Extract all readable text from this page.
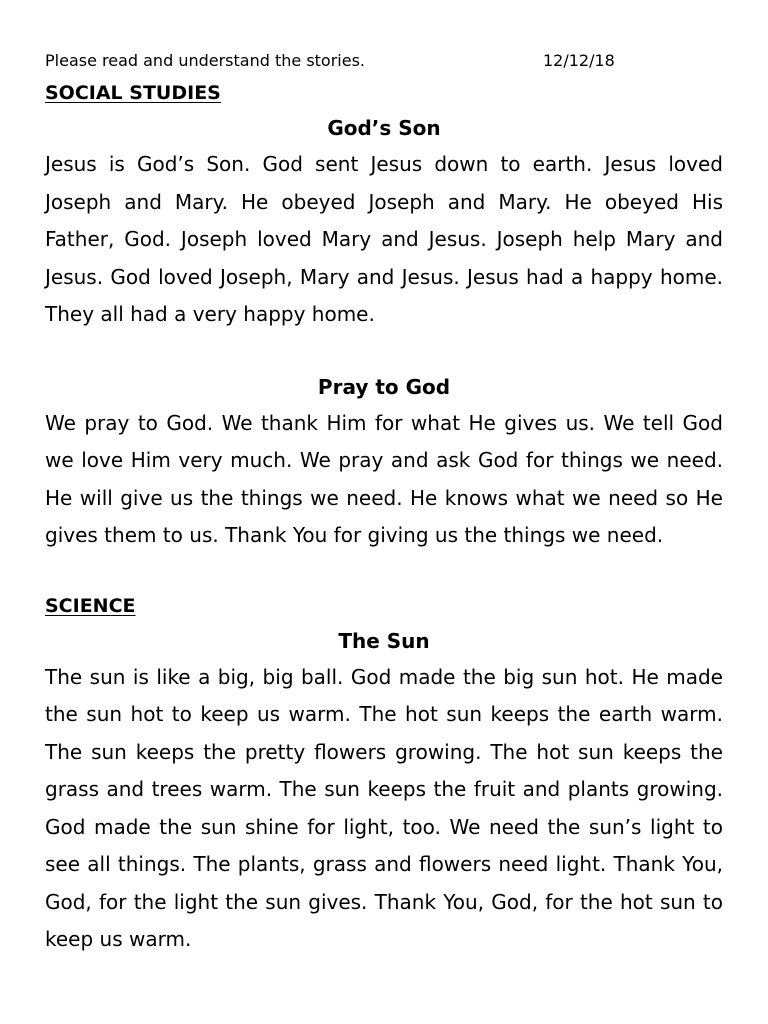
Please read and understand the stories.	12/12/18
SOCIAL STUDIES
God’s Son

Jesus is God’s Son. God sent Jesus down to earth. Jesus loved Joseph and Mary. He obeyed Joseph and Mary. He obeyed His Father, God. Joseph loved Mary and Jesus. Joseph help Mary and Jesus. God loved Joseph, Mary and Jesus. Jesus had a happy home. They all had a very happy home.

Pray to God

We pray to God. We thank Him for what He gives us. We tell God we love Him very much. We pray and ask God for things we need. He will give us the things we need. He knows what we need so He gives them to us. Thank You for giving us the things we need.

SCIENCE
The Sun

The sun is like a big, big ball. God made the big sun hot. He made the sun hot to keep us warm. The hot sun keeps the earth warm. The sun keeps the pretty flowers growing. The hot sun keeps the grass and trees warm. The sun keeps the fruit and plants growing. God made the sun shine for light, too. We need the sun’s light to see all things. The plants, grass and flowers need light. Thank You, God, for the light the sun gives. Thank You, God, for the hot sun to keep us warm.
